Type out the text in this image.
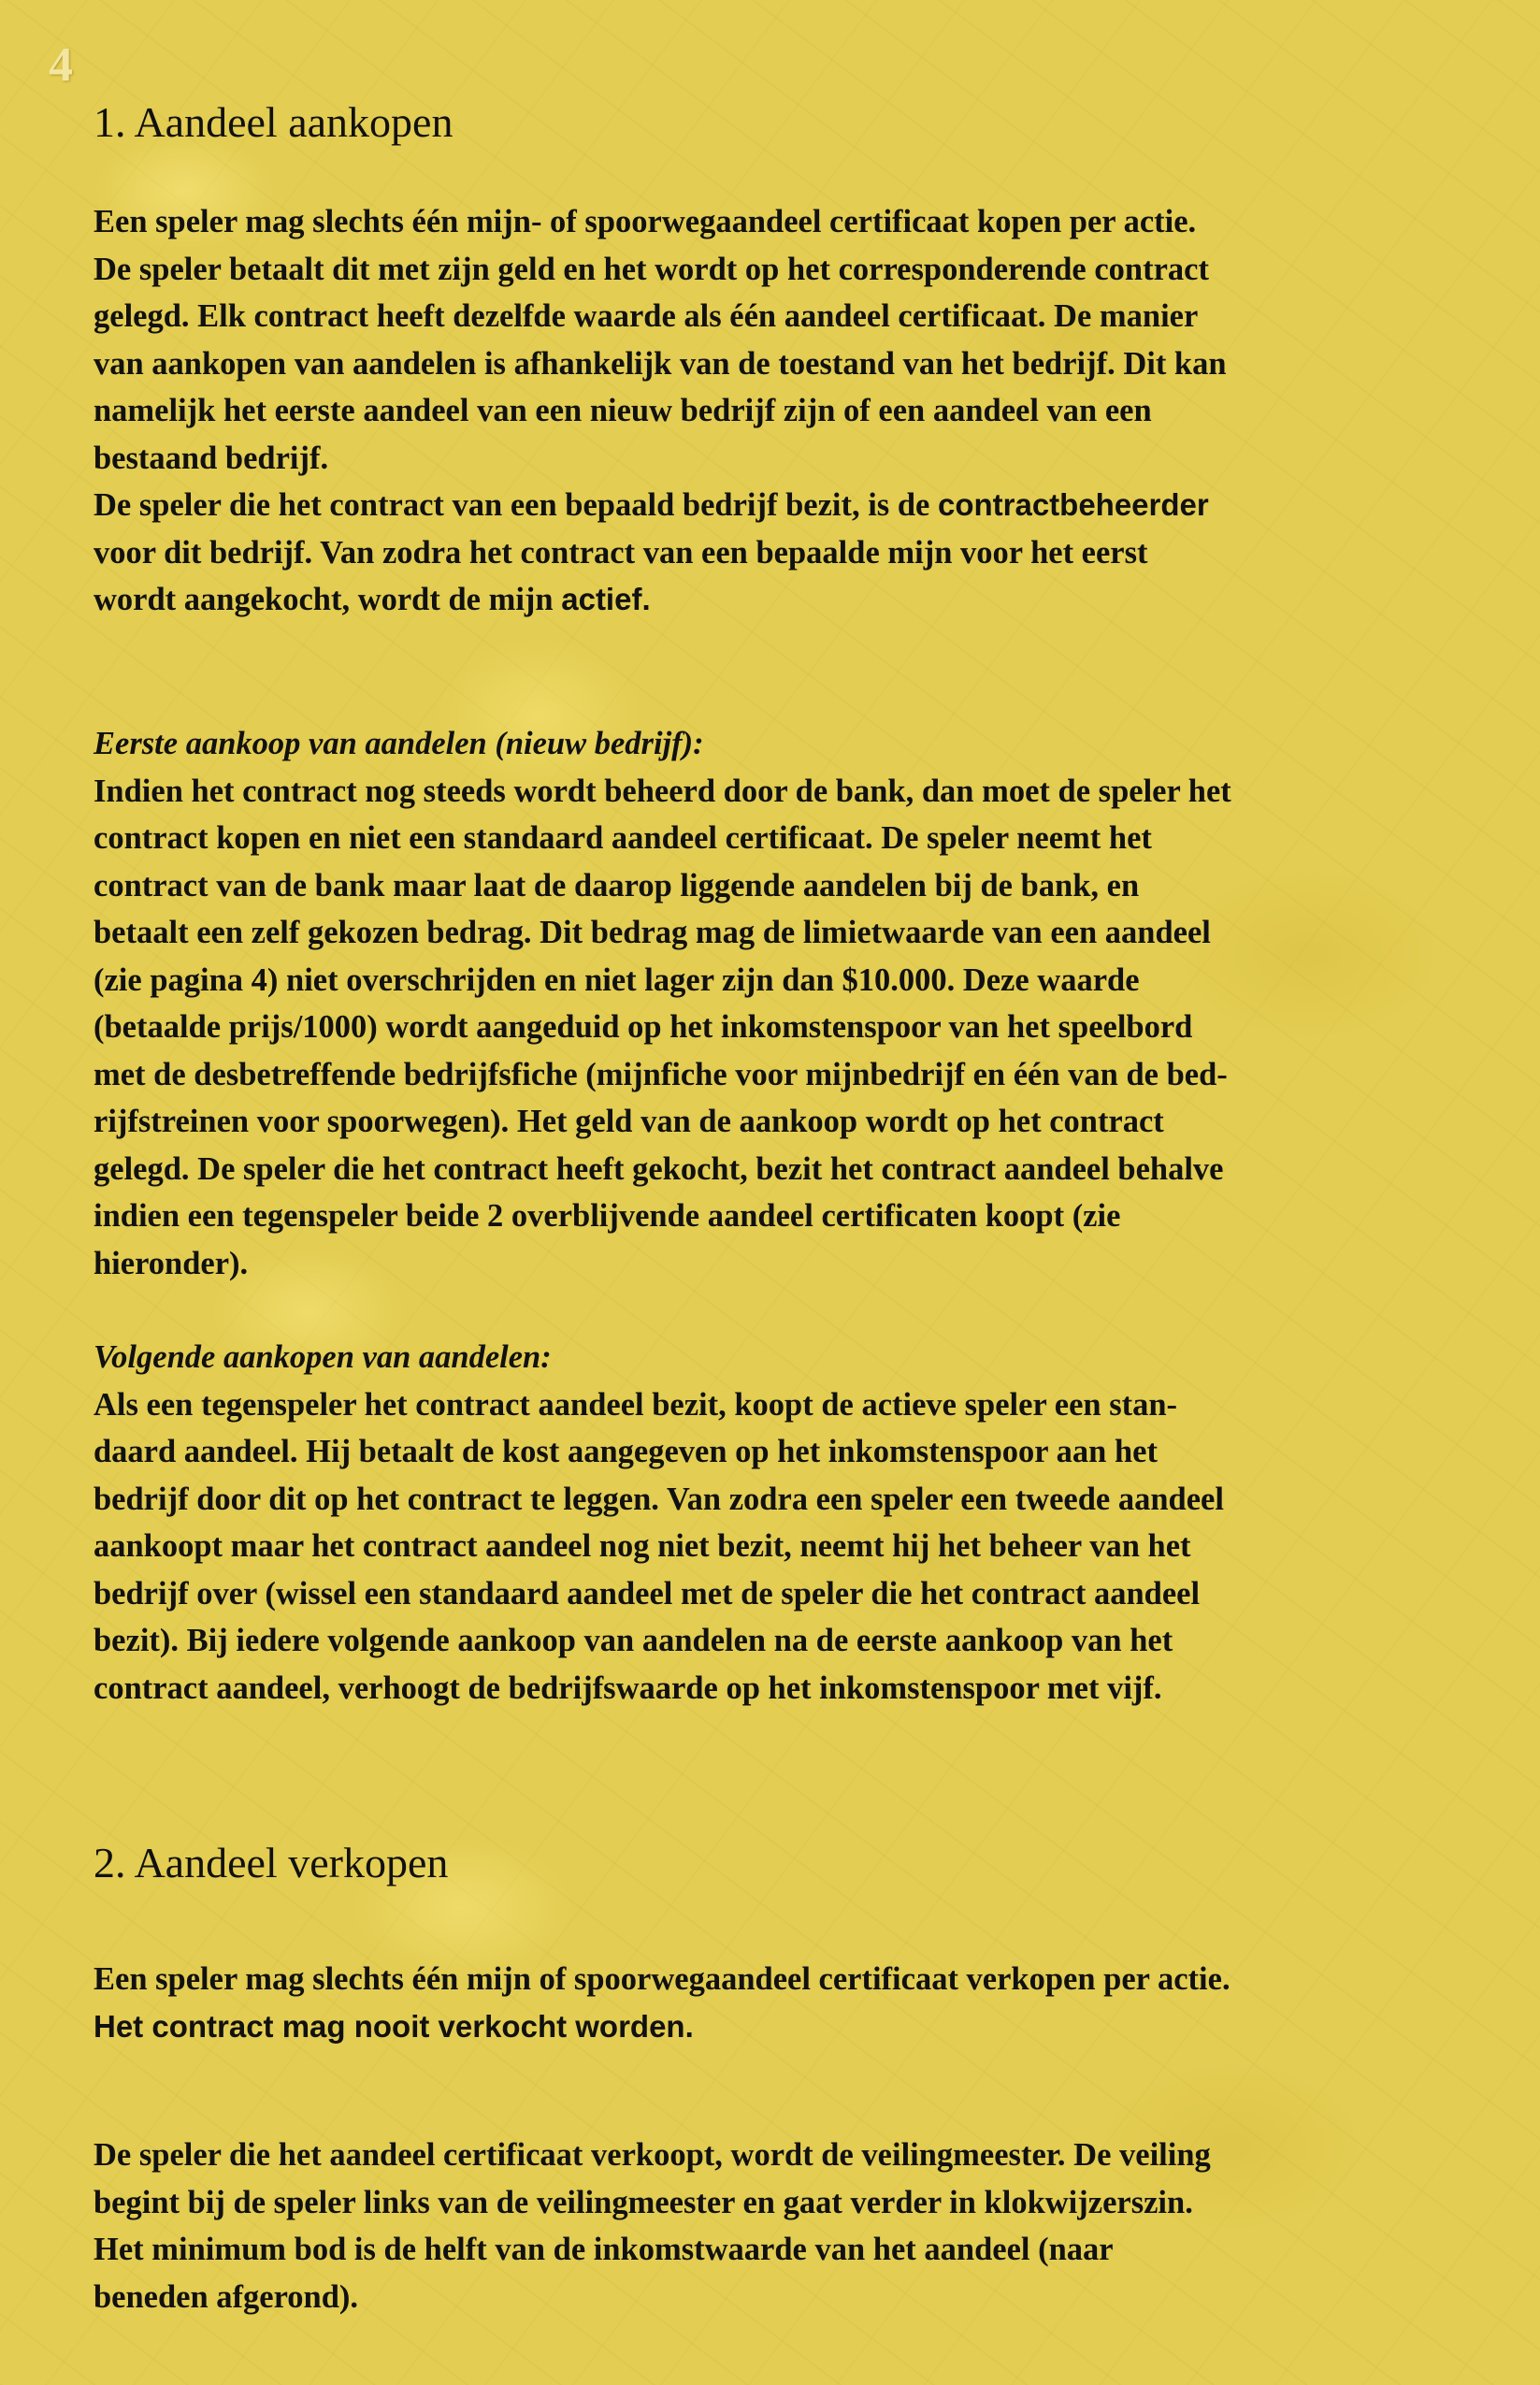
4
1. Aandeel aankopen
Een speler mag slechts één mijn- of spoorwegaandeel certificaat kopen per actie.
De speler betaalt dit met zijn geld en het wordt op het corresponderende contract
gelegd. Elk contract heeft dezelfde waarde als één aandeel certificaat. De manier
van aankopen van aandelen is afhankelijk van de toestand van het bedrijf. Dit kan
namelijk het eerste aandeel van een nieuw bedrijf zijn of een aandeel van een
bestaand bedrijf.
De speler die het contract van een bepaald bedrijf bezit, is de contractbeheerder
voor dit bedrijf. Van zodra het contract van een bepaalde mijn voor het eerst
wordt aangekocht, wordt de mijn actief.
Eerste aankoop van aandelen (nieuw bedrijf):
Indien het contract nog steeds wordt beheerd door de bank, dan moet de speler het
contract kopen en niet een standaard aandeel certificaat. De speler neemt het
contract van de bank maar laat de daarop liggende aandelen bij de bank, en
betaalt een zelf gekozen bedrag. Dit bedrag mag de limietwaarde van een aandeel
(zie pagina 4) niet overschrijden en niet lager zijn dan $10.000. Deze waarde
(betaalde prijs/1000) wordt aangeduid op het inkomstenspoor van het speelbord
met de desbetreffende bedrijfsfiche (mijnfiche voor mijnbedrijf en één van de bed-
rijfstreinen voor spoorwegen). Het geld van de aankoop wordt op het contract
gelegd. De speler die het contract heeft gekocht, bezit het contract aandeel behalve
indien een tegenspeler beide 2 overblijvende aandeel certificaten koopt (zie
hieronder).
Volgende aankopen van aandelen:
Als een tegenspeler het contract aandeel bezit, koopt de actieve speler een stan-
daard aandeel. Hij betaalt de kost aangegeven op het inkomstenspoor aan het
bedrijf door dit op het contract te leggen. Van zodra een speler een tweede aandeel
aankoopt maar het contract aandeel nog niet bezit, neemt hij het beheer van het
bedrijf over (wissel een standaard aandeel met de speler die het contract aandeel
bezit). Bij iedere volgende aankoop van aandelen na de eerste aankoop van het
contract aandeel, verhoogt de bedrijfswaarde op het inkomstenspoor met vijf.
2. Aandeel verkopen
Een speler mag slechts één mijn of spoorwegaandeel certificaat verkopen per actie.
Het contract mag nooit verkocht worden.
De speler die het aandeel certificaat verkoopt, wordt de veilingmeester. De veiling
begint bij de speler links van de veilingmeester en gaat verder in klokwijzerszin.
Het minimum bod is de helft van de inkomstwaarde van het aandeel (naar
beneden afgerond).
